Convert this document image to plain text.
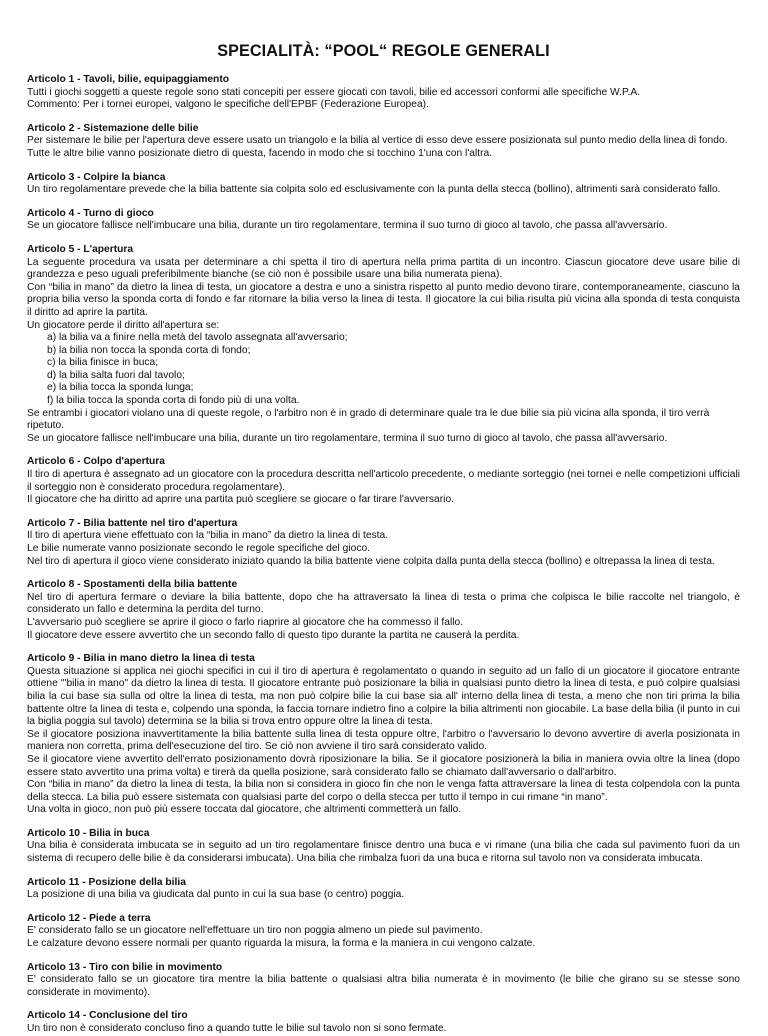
SPECIALITÀ: “POOL“ REGOLE GENERALI
Articolo 1 - Tavoli, bilie, equipaggiamento

Tutti i giochi soggetti a queste regole sono stati concepiti per essere giocati con tavoli, bilie ed accessori conformi alle specifiche W.P.A.

Commento: Per i tornei europei, valgono le specifiche dell'EPBF (Federazione Europea).

Articolo 2 - Sistemazione delle bilie

Per sistemare le bilie per l'apertura deve essere usato un triangolo e la bilia al vertice di esso deve essere posizionata sul punto medio della linea di fondo.

Tutte le altre bilie vanno posizionate dietro di questa, facendo in modo che si tocchino 1'una con l'altra.

Articolo 3 - Colpire la bianca

Un tiro regolamentare prevede che la bilia battente sia colpita solo ed esclusivamente con la punta della stecca (bollino), altrimenti sarà considerato fallo.

Articolo 4 - Turno di gioco

Se un giocatore fallisce nell'imbucare una bilia, durante un tiro regolamentare, termina il suo turno di gioco al tavolo, che passa all'avversario.

Articolo 5 - L'apertura

La seguente procedura va usata per determinare a chi spetta il tiro di apertura nella prima partita di un incontro. Ciascun giocatore deve usare bilie di grandezza e peso uguali preferibilmente bianche (se ciò non è possibile usare una bilia numerata piena).

Con “bilia in mano” da dietro la linea di testa, un giocatore a destra e uno a sinistra rispetto al punto medio devono tirare, contemporaneamente, ciascuno la propria bilia verso la sponda corta di fondo e far ritornare la bilia verso la linea di testa. Il giocatore la cui bilia risulta più vicina alla sponda di testa conquista il diritto ad aprire la partita.

Un giocatore perde il diritto all'apertura se:

a) la bilia va a finire nella metà del tavolo assegnata all'avversario;

b) la bilia non tocca la sponda corta di fondo;

c) la bilia finisce in buca;

d) la bilia salta fuori dal tavolo;

e) la bilia tocca la sponda lunga;

f) la bilia tocca la sponda corta di fondo più di una volta.

Se entrambi i giocatori violano una di queste regole, o l'arbitro non è in grado di determinare quale tra le due bilie sia più vicina alla sponda, il tiro verrà ripetuto.

Se un giocatore fallisce nell'imbucare una bilia, durante un tiro regolamentare, termina il suo turno di gioco al tavolo, che passa all'avversario.

Articolo 6 - Colpo d'apertura

Il tiro di apertura è assegnato ad un giocatore con la procedura descritta nell'articolo precedente, o mediante sorteggio (nei tornei e nelle competizioni ufficiali il sorteggio non è considerato procedura regolamentare).

Il giocatore che ha diritto ad aprire una partita può scegliere se giocare o far tirare l'avversario.

Articolo 7 - Bilia battente nel tiro d'apertura

Il tiro di apertura viene effettuato con la “bilia in mano” da dietro la linea di testa.

Le bilie numerate vanno posizionate secondo le regole specifiche del gioco.

Nel tiro di apertura il gioco viene considerato iniziato quando la bilia battente viene colpita dalla punta della stecca (bollino) e oltrepassa la linea di testa.

Articolo 8 - Spostamenti della bilia battente

Nel tiro di apertura fermare o deviare la bilia battente, dopo che ha attraversato la linea di testa o prima che colpisca le bilie raccolte nel triangolo, è considerato un fallo e determina la perdita del turno.

L'avversario può scegliere se aprire il gioco o farlo riaprire al giocatore che ha commesso il fallo.

Il giocatore deve essere avvertito che un secondo fallo di questo tipo durante la partita ne causerà la perdita.

Articolo 9 - Bilia in mano dietro la linea di testa

Questa situazione si applica nei giochi specifici in cui il tiro di apertura è regolamentato o quando in seguito ad un fallo di un giocatore il giocatore entrante ottiene "'bilia in mano" da dietro la linea di testa. Il giocatore entrante può posizionare la bilia in qualsiasi punto dietro la linea di testa, e può colpire qualsiasi bilia la cui base sia sulla od oltre la linea di testa, ma non può colpire bilie la cui base sia all' interno della linea di testa, a meno che non tiri prima la bilia battente oltre la linea di testa e, colpendo una sponda, la faccia tornare indietro fino a colpire la bilia altrimenti non giocabile. La base della bilia (il punto in cui la biglia poggia sul tavolo) determina se la bilia si trova entro oppure oltre la linea di testa.

Se il giocatore posiziona inavvertitamente la bilia battente sulla linea di testa oppure oltre, l'arbitro o l'avversario lo devono avvertire di averla posizionata in maniera non corretta, prima dell'esecuzione del tiro. Se ciò non avviene il tiro sarà considerato valido.

Se il giocatore viene avvertito dell'errato posizionamento dovrà riposizionare la bilia. Se il giocatore posizionerà la bilia in maniera ovvia oltre la linea (dopo essere stato avvertito una prima volta) e tirerà da quella posizione, sarà considerato fallo se chiamato dall'avversario o dall'arbitro.

Con “bilia in mano” da dietro la linea di testa, la bilia non si considera in gioco fin che non le venga fatta attraversare la linea di testa colpendola con la punta della stecca. La bilia può essere sistemata con qualsiasi parte del corpo o della stecca per tutto il tempo in cui rimane “in mano”.

Una volta in gioco, non può più essere toccata dal giocatore, che altrimenti commetterà un fallo.

Articolo 10 - Bilia in buca

Una bilia è considerata imbucata se in seguito ad un tiro regolamentare finisce dentro una buca e vi rimane (una bilia che cada sul pavimento fuori da un sistema di recupero delle bilie è da considerarsi imbucata). Una bilia che rimbalza fuori da una buca e ritorna sul tavolo non va considerata imbucata.

Articolo 11 - Posizione della bilia

La posizione di una bilia va giudicata dal punto in cui la sua base (o centro) poggia.

Articolo 12 - Piede a terra

E' considerato fallo se un giocatore nell'effettuare un tiro non poggia almeno un piede sul pavimento.

Le calzature devono essere normali per quanto riguarda la misura, la forma e la maniera in cui vengono calzate.

Articolo 13 - Tiro con bilie in movimento

E' considerato fallo se un giocatore tira mentre la bilia battente o qualsiasi altra bilia numerata è in movimento (le bilie che girano su se stesse sono considerate in movimento).

Articolo 14 - Conclusione del tiro

Un tiro non è considerato concluso fino a quando tutte le bilie sul tavolo non si sono fermate.
